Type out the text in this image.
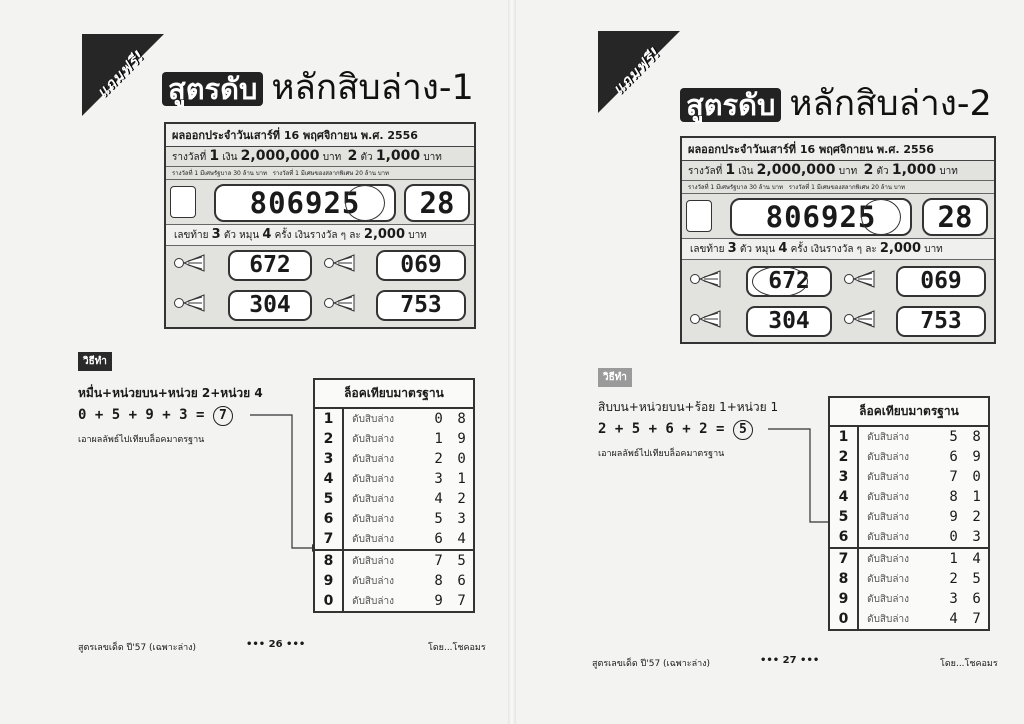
แถมฟรี! สูตรดับ หลักสิบล่าง-1
ผลออกประจำวันเสาร์ที่ 16 พฤศจิกายน พ.ศ. 2556
รางวัลที่ 1 เงิน 2,000,000 บาท 2 ตัว 1,000 บาท
รางวัลที่ 1 มีเศษรัฐบาล 30 ล้าน บาท รางวัลที่ 1 มีเศษของสลากพิเศษ 20 ล้าน บาท
806925	28
เลขท้าย 3 ตัว หมุน 4 ครั้ง เงินรางวัล ๆ ละ 2,000 บาท
672	069
304	753
วิธีทำ
หมื่น+หน่วยบน+หน่วย 2+หน่วย 4
0 + 5 + 9 + 3 = 7
เอาผลลัพธ์ไปเทียบล็อคมาตรฐาน
ล็อคเทียบมาตรฐาน			
1	ดับสิบล่าง	0	8
2	ดับสิบล่าง	1	9
3	ดับสิบล่าง	2	0
4	ดับสิบล่าง	3	1
5	ดับสิบล่าง	4	2
6	ดับสิบล่าง	5	3
7	ดับสิบล่าง	6	4
8	ดับสิบล่าง	7	5
9	ดับสิบล่าง	8	6
0	ดับสิบล่าง	9	7
สูตรเลขเด็ด ปี'57 (เฉพาะล่าง)	••• 26 •••	โดย...โชคอมร
แถมฟรี!
สูตรดับ หลักสิบล่าง-2
ผลออกประจำวันเสาร์ที่ 16 พฤศจิกายน พ.ศ. 2556
รางวัลที่ 1 เงิน 2,000,000 บาท 2 ตัว 1,000 บาท
รางวัลที่ 1 มีเศษรัฐบาล 30 ล้าน บาท รางวัลที่ 1 มีเศษของสลากพิเศษ 20 ล้าน บาท
806925	28
เลขท้าย 3 ตัว หมุน 4 ครั้ง เงินรางวัล ๆ ละ 2,000 บาท
672	069
304	753
วิธีทำ
สิบบน+หน่วยบน+ร้อย 1+หน่วย 1
2 + 5 + 6 + 2 = 5
เอาผลลัพธ์ไปเทียบล็อคมาตรฐาน
ล็อคเทียบมาตรฐาน			
1	ดับสิบล่าง	5	8
2	ดับสิบล่าง	6	9
3	ดับสิบล่าง	7	0
4	ดับสิบล่าง	8	1
5	ดับสิบล่าง	9	2
6	ดับสิบล่าง	0	3
7	ดับสิบล่าง	1	4
8	ดับสิบล่าง	2	5
9	ดับสิบล่าง	3	6
0	ดับสิบล่าง	4	7
สูตรเลขเด็ด ปี'57 (เฉพาะล่าง)	••• 27 •••	โดย...โชคอมร
